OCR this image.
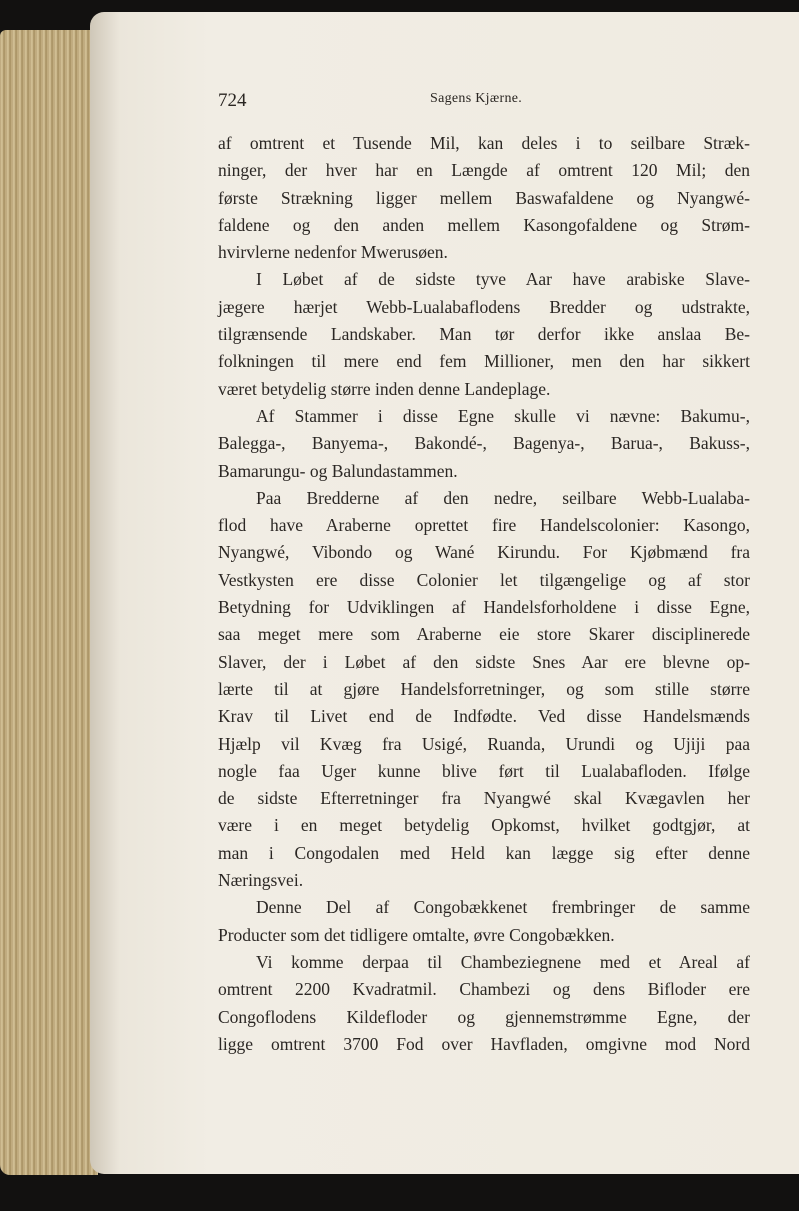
724	Sagens Kjærne.
af omtrent et Tusende Mil, kan deles i to seilbare Stræk-
ninger, der hver har en Længde af omtrent 120 Mil; den
første Strækning ligger mellem Baswafaldene og Nyangwé-
faldene og den anden mellem Kasongofaldene og Strøm-
hvirvlerne nedenfor Mwerusøen.
I Løbet af de sidste tyve Aar have arabiske Slave-
jægere hærjet Webb-Lualabaflodens Bredder og udstrakte,
tilgrænsende Landskaber. Man tør derfor ikke anslaa Be-
folkningen til mere end fem Millioner, men den har sikkert
været betydelig større inden denne Landeplage.
Af Stammer i disse Egne skulle vi nævne: Bakumu-,
Balegga-, Banyema-, Bakondé-, Bagenya-, Barua-, Bakuss-,
Bamarungu- og Balundastammen.
Paa Bredderne af den nedre, seilbare Webb-Lualaba-
flod have Araberne oprettet fire Handelscolonier: Kasongo,
Nyangwé, Vibondo og Wané Kirundu. For Kjøbmænd fra
Vestkysten ere disse Colonier let tilgængelige og af stor
Betydning for Udviklingen af Handelsforholdene i disse Egne,
saa meget mere som Araberne eie store Skarer disciplinerede
Slaver, der i Løbet af den sidste Snes Aar ere blevne op-
lærte til at gjøre Handelsforretninger, og som stille større
Krav til Livet end de Indfødte. Ved disse Handelsmænds
Hjælp vil Kvæg fra Usigé, Ruanda, Urundi og Ujiji paa
nogle faa Uger kunne blive ført til Lualabafloden. Ifølge
de sidste Efterretninger fra Nyangwé skal Kvægavlen her
være i en meget betydelig Opkomst, hvilket godtgjør, at
man i Congodalen med Held kan lægge sig efter denne
Næringsvei.
Denne Del af Congobækkenet frembringer de samme
Producter som det tidligere omtalte, øvre Congobækken.
Vi komme derpaa til Chambeziegnene med et Areal af
omtrent 2200 Kvadratmil. Chambezi og dens Bifloder ere
Congoflodens Kildefloder og gjennemstrømme Egne, der
ligge omtrent 3700 Fod over Havfladen, omgivne mod Nord
